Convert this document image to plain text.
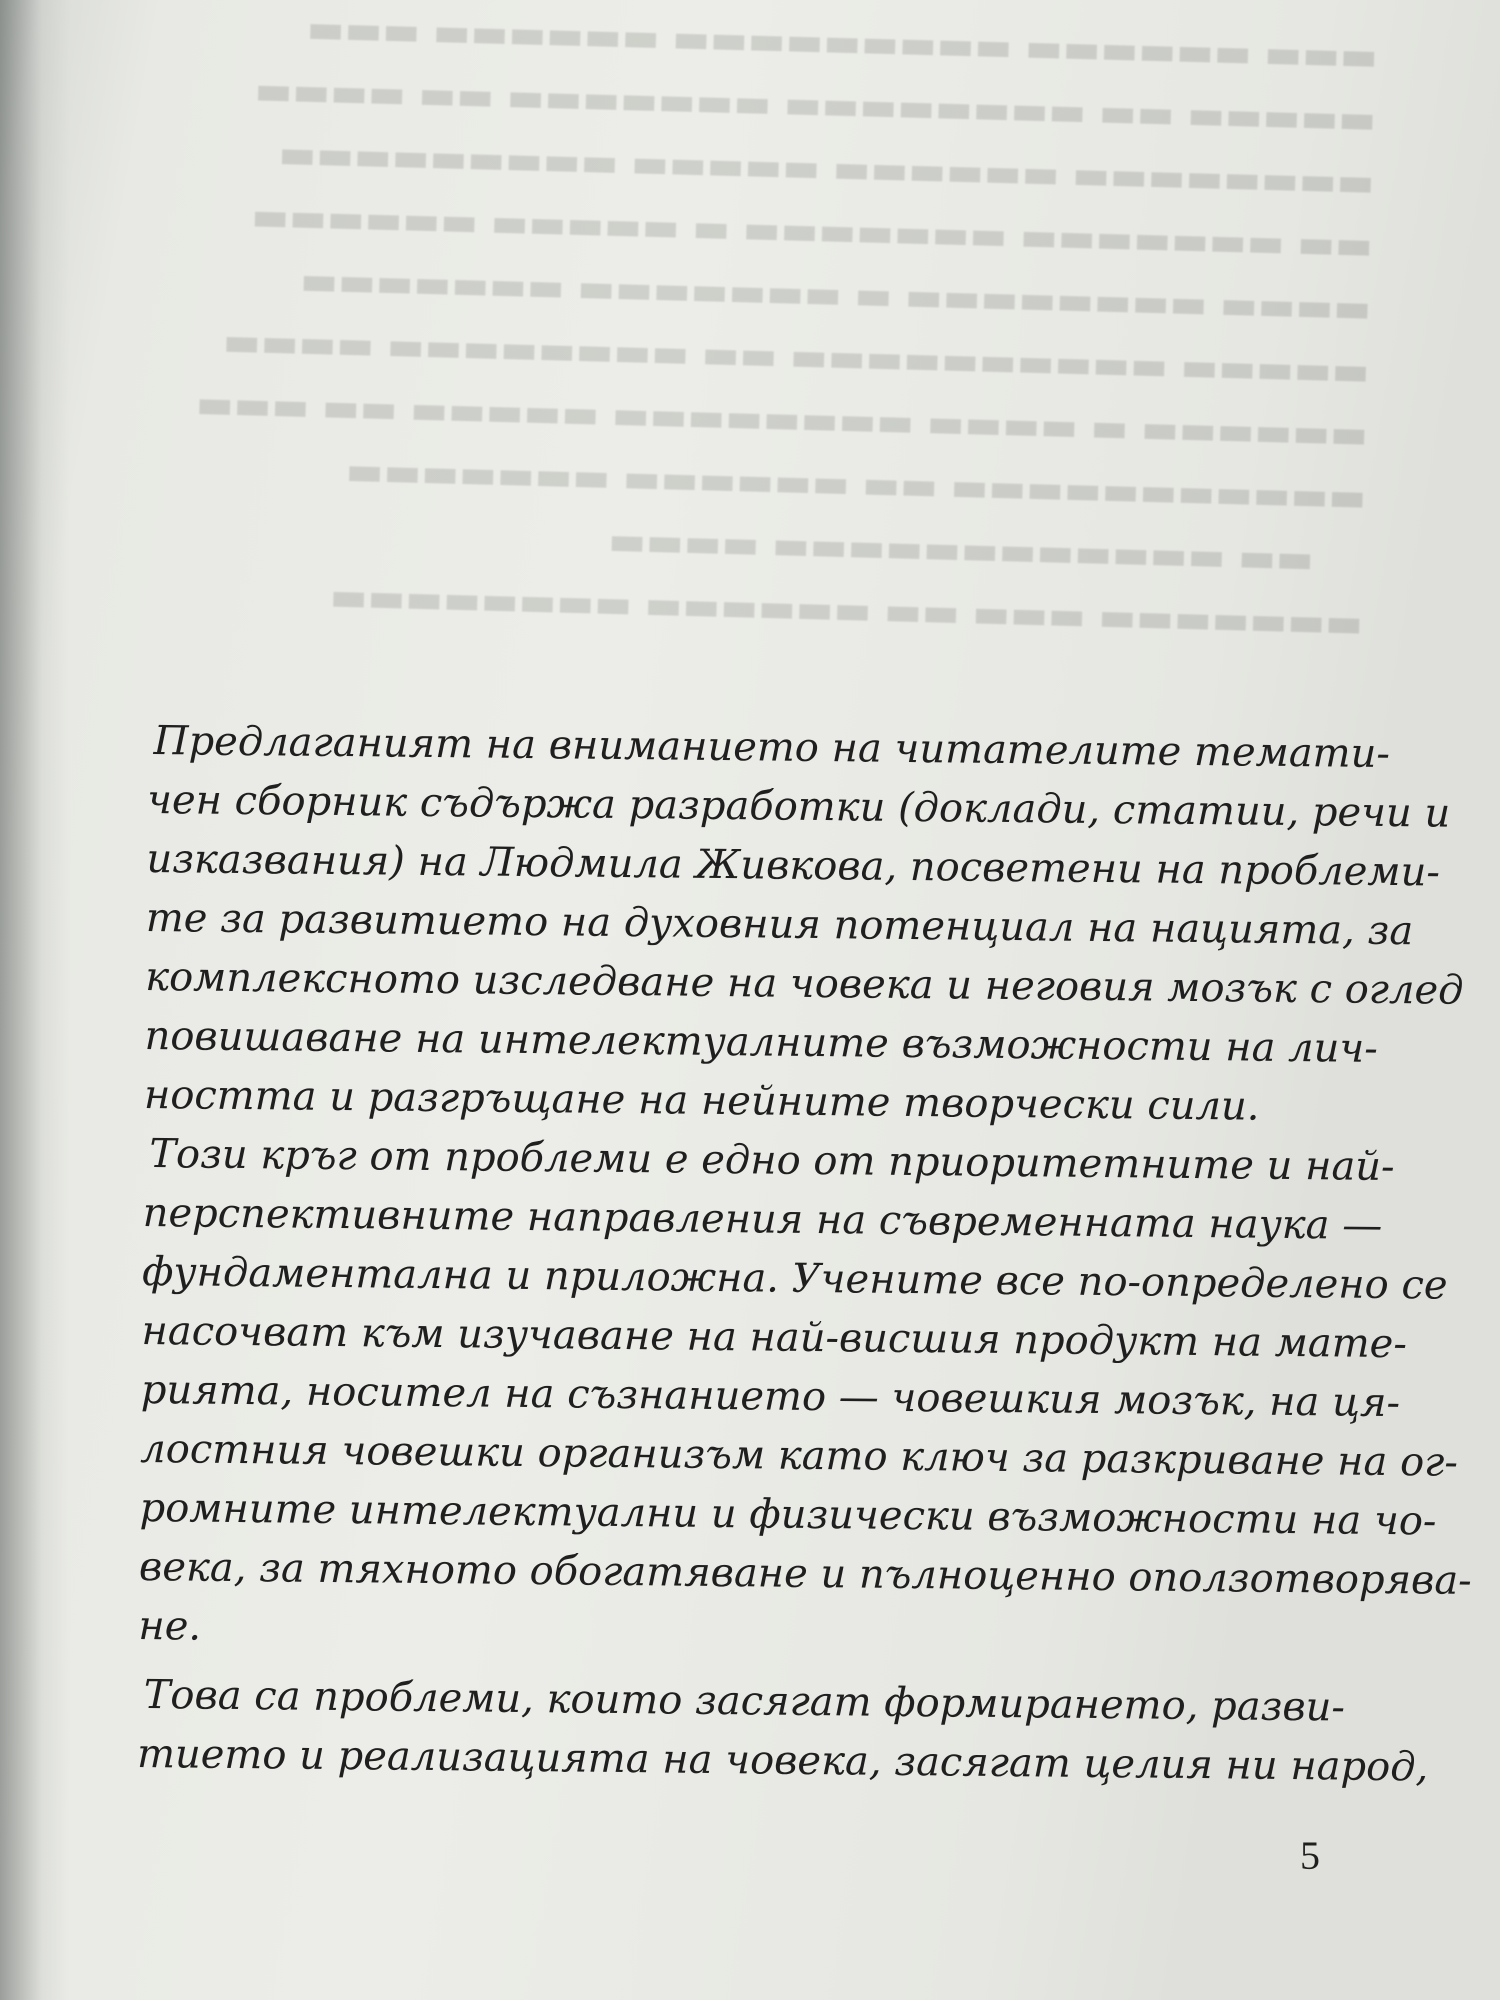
▬▬▬ ▬▬▬▬▬▬ ▬▬▬▬▬▬▬▬▬ ▬▬▬▬▬▬ ▬▬▬
▬▬▬▬▬ ▬▬ ▬▬▬▬▬▬▬▬ ▬▬▬▬▬▬▬ ▬▬ ▬▬▬▬
▬▬▬▬▬▬▬▬ ▬▬▬▬▬▬ ▬▬▬▬▬ ▬▬▬▬▬▬▬▬▬
▬▬ ▬▬▬▬▬▬▬ ▬▬▬▬▬▬▬ ▬ ▬▬▬▬▬ ▬▬▬▬▬▬
▬▬▬▬ ▬▬▬▬▬▬▬▬ ▬ ▬▬▬▬▬▬▬ ▬▬▬▬▬▬▬
▬▬▬▬▬ ▬▬▬▬▬▬▬▬▬▬ ▬▬ ▬▬▬▬▬▬▬▬ ▬▬▬▬
▬▬▬▬▬▬ ▬ ▬▬▬▬ ▬▬▬▬▬▬▬▬ ▬▬▬▬▬ ▬▬ ▬▬▬
▬▬▬▬▬▬▬▬▬▬▬ ▬▬ ▬▬▬▬▬▬ ▬▬▬▬▬▬▬
▬▬ ▬▬▬▬▬▬▬▬▬▬▬▬ ▬▬▬▬
▬▬▬▬▬▬▬ ▬▬▬ ▬▬ ▬▬▬▬▬▬ ▬▬▬▬▬▬▬▬
Предлаганият на вниманието на читателите темати-
чен сборник съдържа разработки (доклади, статии, речи и
изказвания) на Людмила Живкова, посветени на проблеми-
те за развитието на духовния потенциал на нацията, за
комплексното изследване на човека и неговия мозък с оглед
повишаване на интелектуалните възможности на лич-
ността и разгръщане на нейните творчески сили.
Този кръг от проблеми е едно от приоритетните и най-
перспективните направления на съвременната наука —
фундаментална и приложна. Учените все по-определено се
насочват към изучаване на най-висшия продукт на мате-
рията, носител на съзнанието — човешкия мозък, на ця-
лостния човешки организъм като ключ за разкриване на ог-
ромните интелектуални и физически възможности на чо-
века, за тяхното обогатяване и пълноценно оползотворява-
не.
Това са проблеми, които засягат формирането, разви-
тието и реализацията на човека, засягат целия ни народ,
5
